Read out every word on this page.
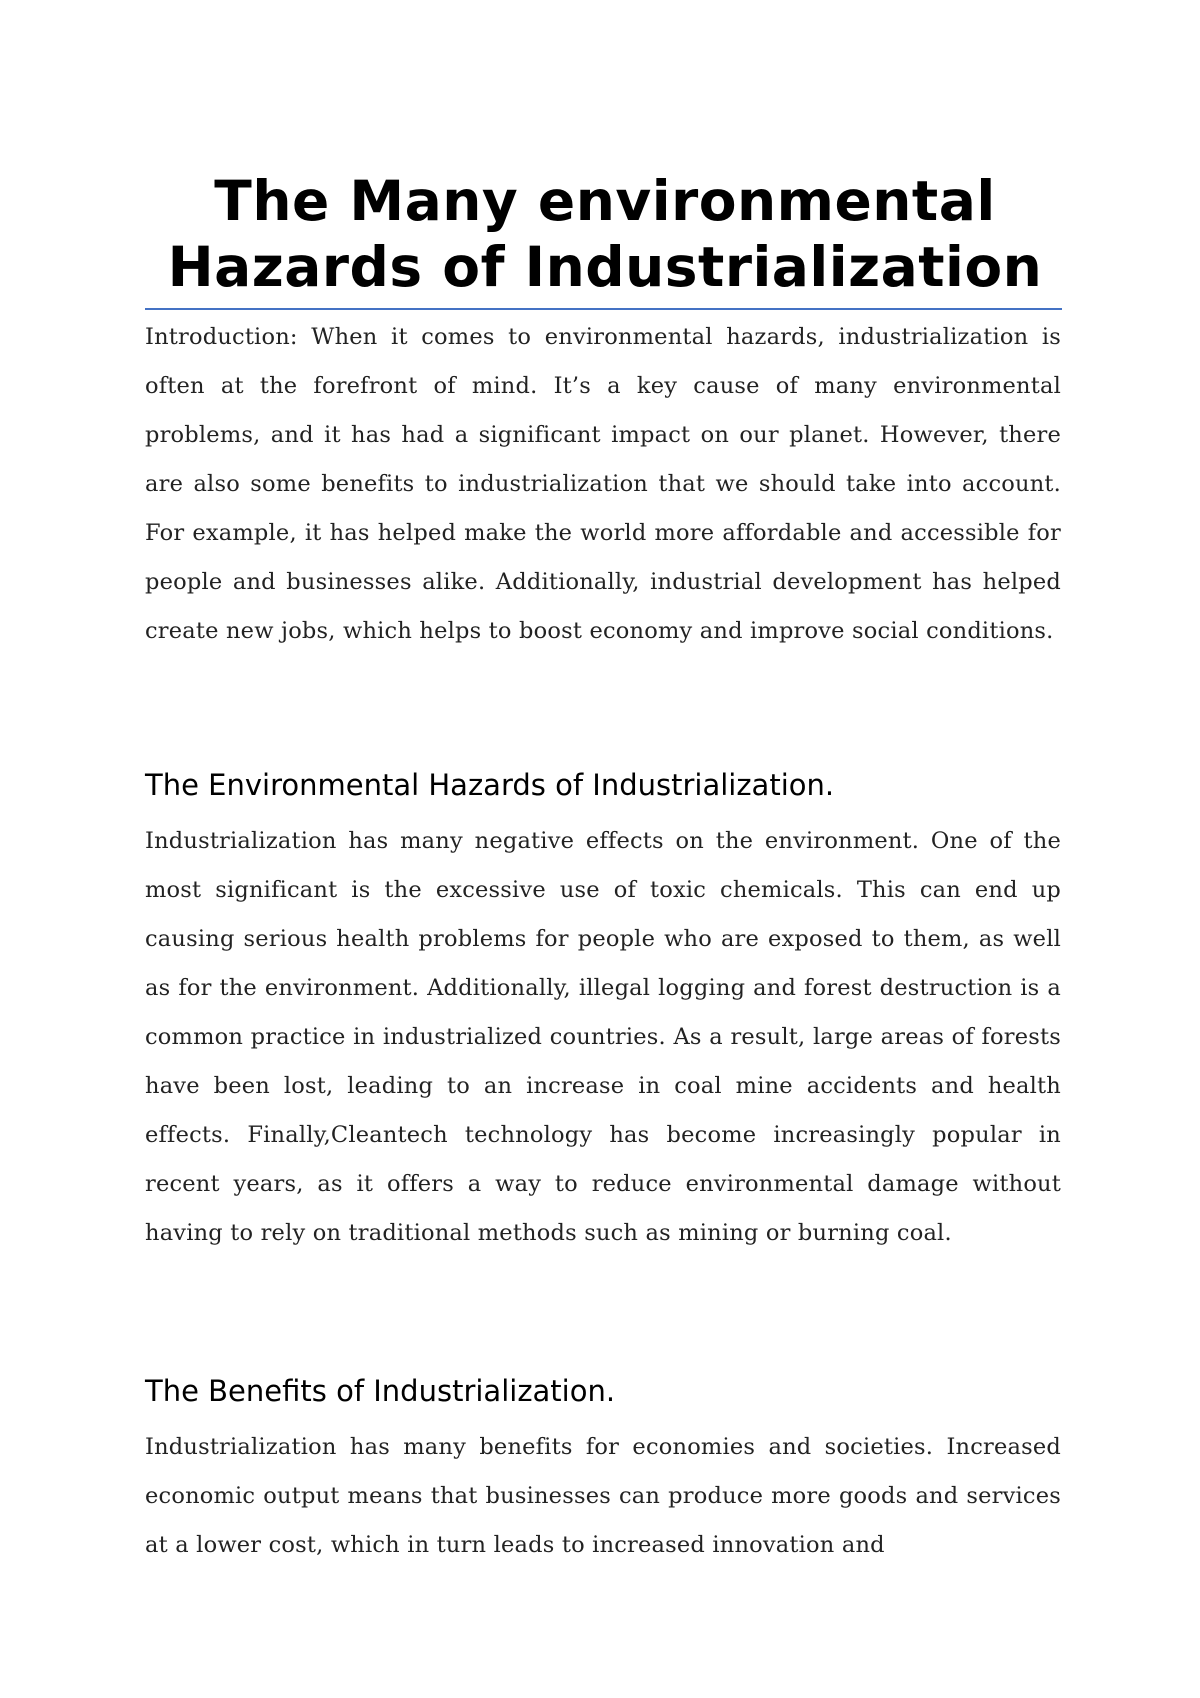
The Many environmental Hazards of Industrialization

Introduction: When it comes to environmental hazards, industrialization is often at the forefront of mind. It’s a key cause of many environmental problems, and it has had a significant impact on our planet. However, there are also some benefits to industrialization that we should take into account. For example, it has helped make the world more affordable and accessible for people and businesses alike. Additionally, industrial development has helped create new jobs, which helps to boost economy and improve social conditions.

The Environmental Hazards of Industrialization.

Industrialization has many negative effects on the environment. One of the most significant is the excessive use of toxic chemicals. This can end up causing serious health problems for people who are exposed to them, as well as for the environment. Additionally, illegal logging and forest destruction is a common practice in industrialized countries. As a result, large areas of forests have been lost, leading to an increase in coal mine accidents and health effects. Finally,Cleantech technology has become increasingly popular in recent years, as it offers a way to reduce environmental damage without having to rely on traditional methods such as mining or burning coal.

The Benefits of Industrialization.

Industrialization has many benefits for economies and societies. Increased economic output means that businesses can produce more goods and services at a lower cost, which in turn leads to increased innovation and
